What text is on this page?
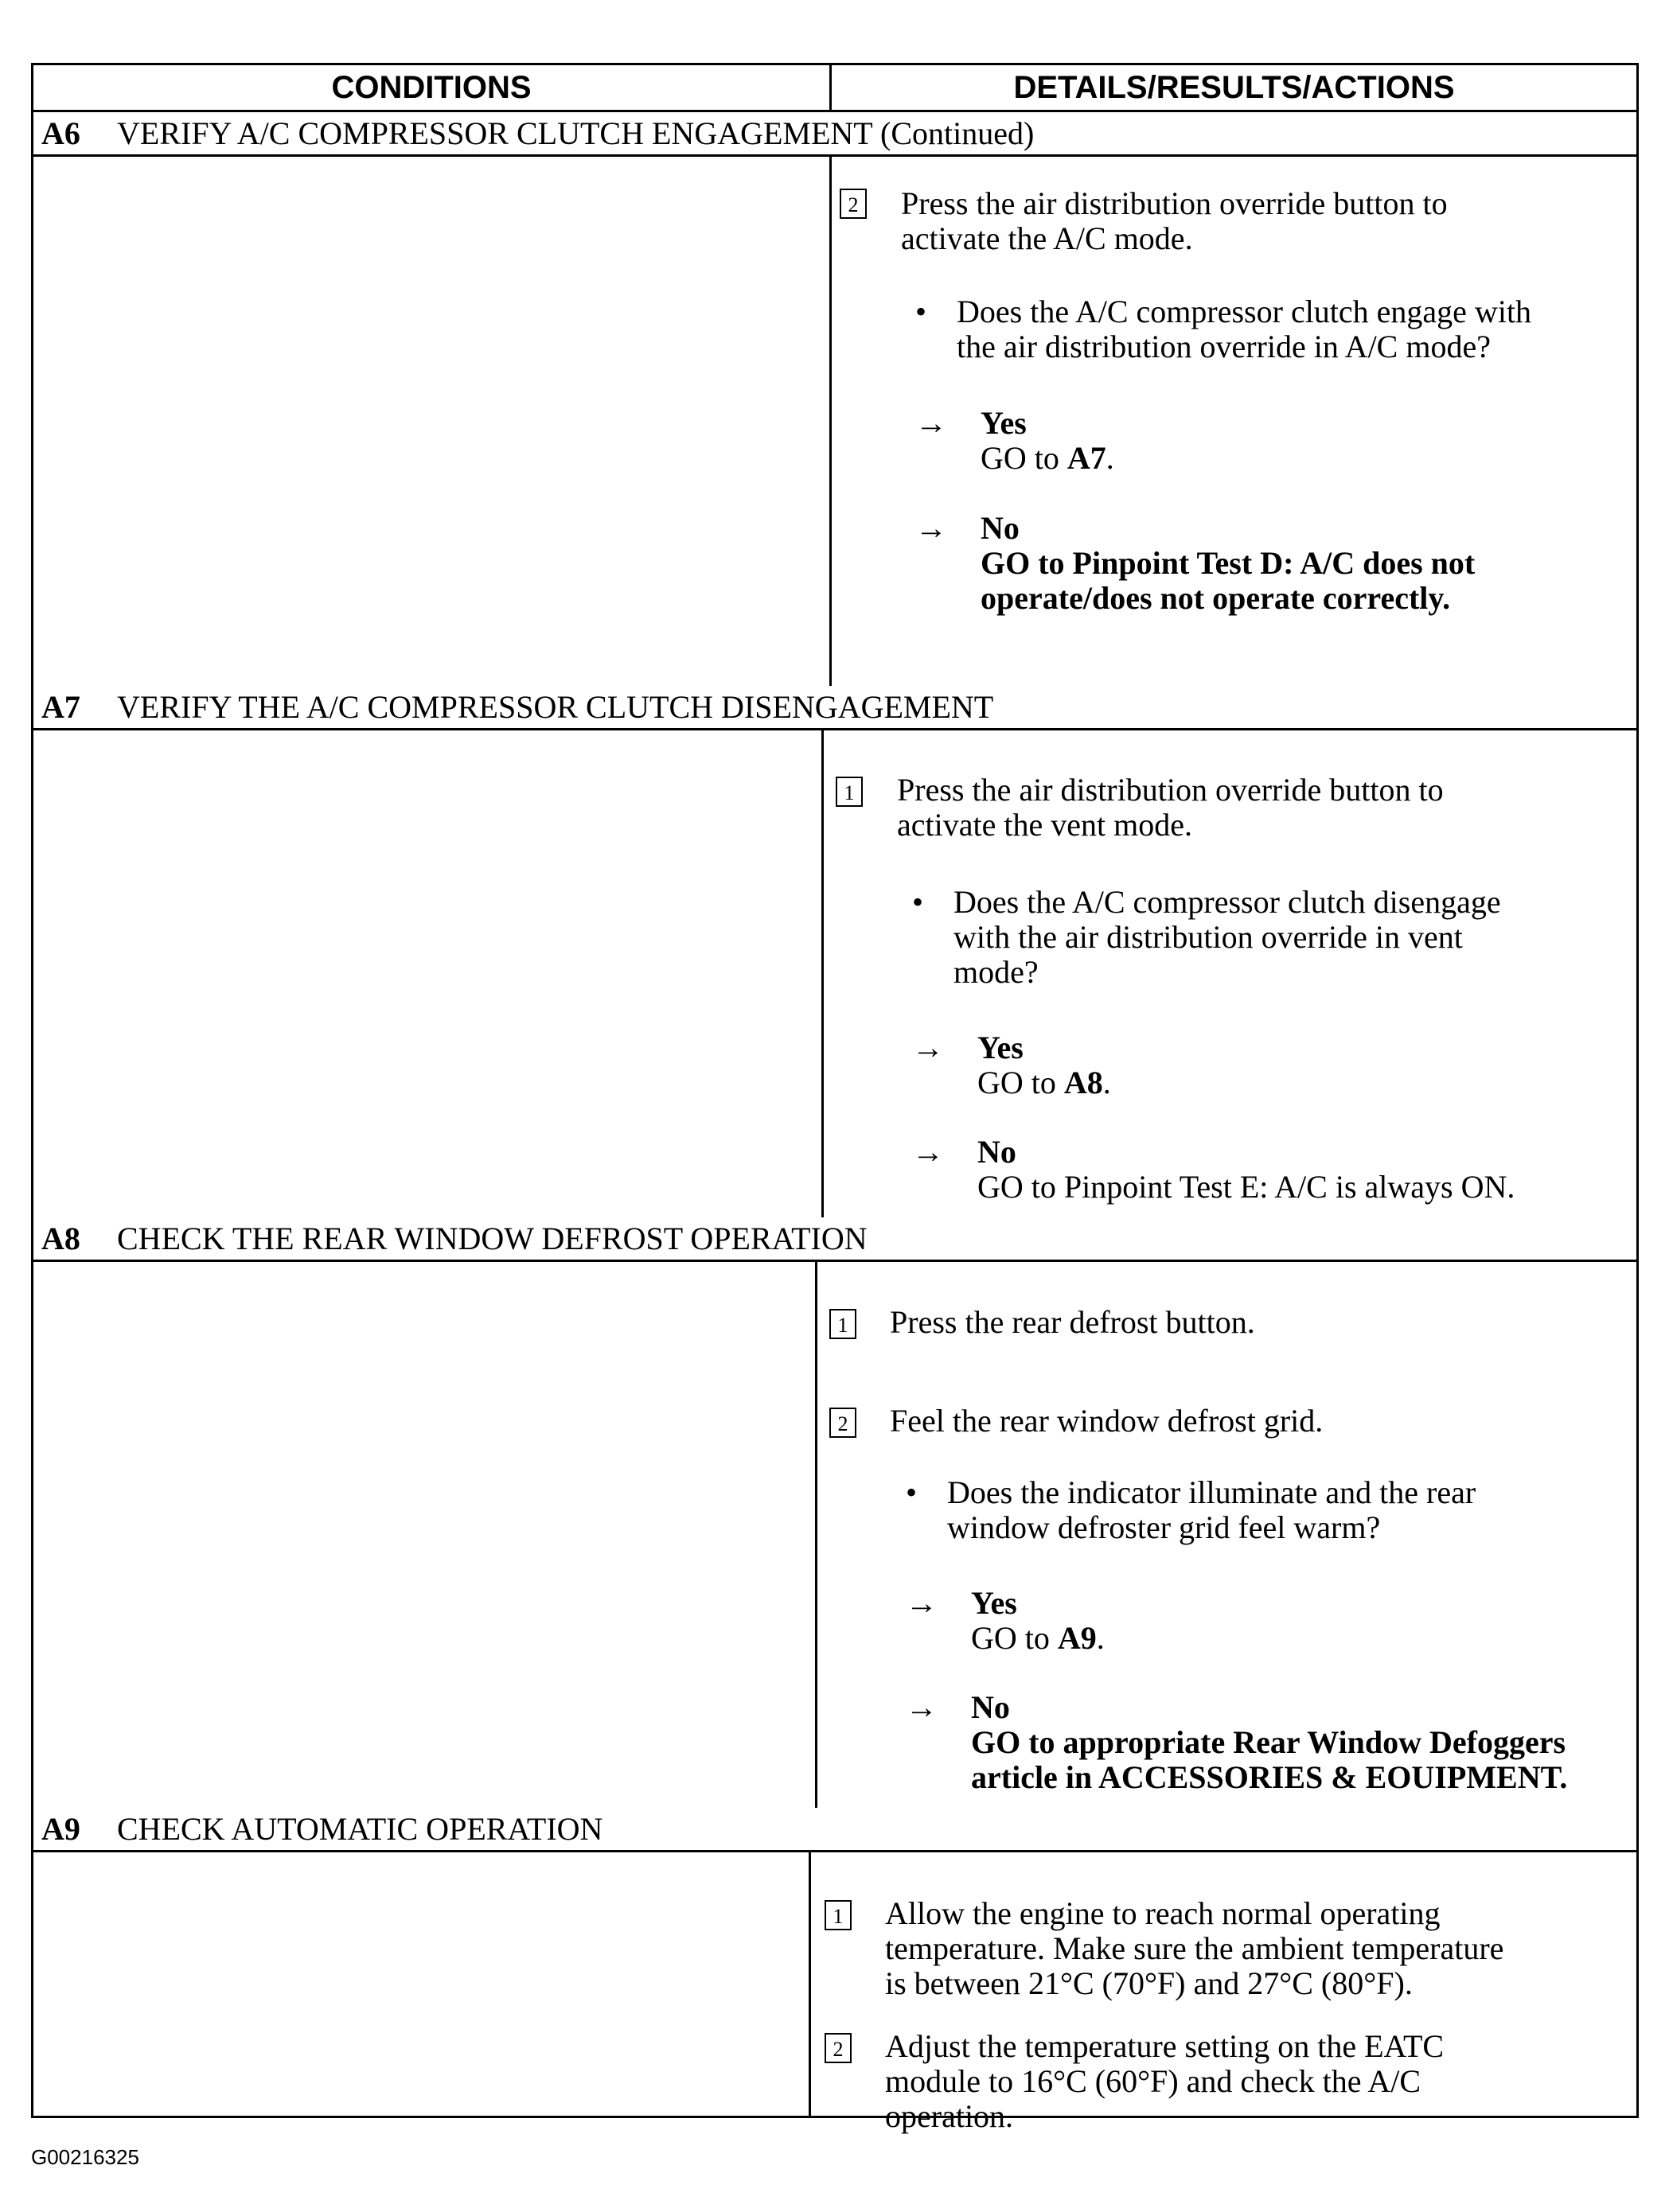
CONDITIONS	DETAILS/RESULTS/ACTIONS
A6	VERIFY A/C COMPRESSOR CLUTCH ENGAGEMENT (Continued)
2 Press the air distribution override button to
activate the A/C mode.
• Does the A/C compressor clutch engage with
the air distribution override in A/C mode?
→ Yes
GO to A7.
→ No
GO to Pinpoint Test D: A/C does not
operate/does not operate correctly.
A7	VERIFY THE A/C COMPRESSOR CLUTCH DISENGAGEMENT
1 Press the air distribution override button to
activate the vent mode.
• Does the A/C compressor clutch disengage
with the air distribution override in vent
mode?
→ Yes
GO to A8.
→ No
GO to Pinpoint Test E: A/C is always ON.
A8	CHECK THE REAR WINDOW DEFROST OPERATION
1 Press the rear defrost button.
2 Feel the rear window defrost grid.
• Does the indicator illuminate and the rear
window defroster grid feel warm?
→ Yes
GO to A9.
→ No
GO to appropriate Rear Window Defoggers
article in ACCESSORIES & EOUIPMENT.
A9	CHECK AUTOMATIC OPERATION
1 Allow the engine to reach normal operating
temperature. Make sure the ambient temperature
is between 21°C (70°F) and 27°C (80°F).
2 Adjust the temperature setting on the EATC
module to 16°C (60°F) and check the A/C
operation.
G00216325
